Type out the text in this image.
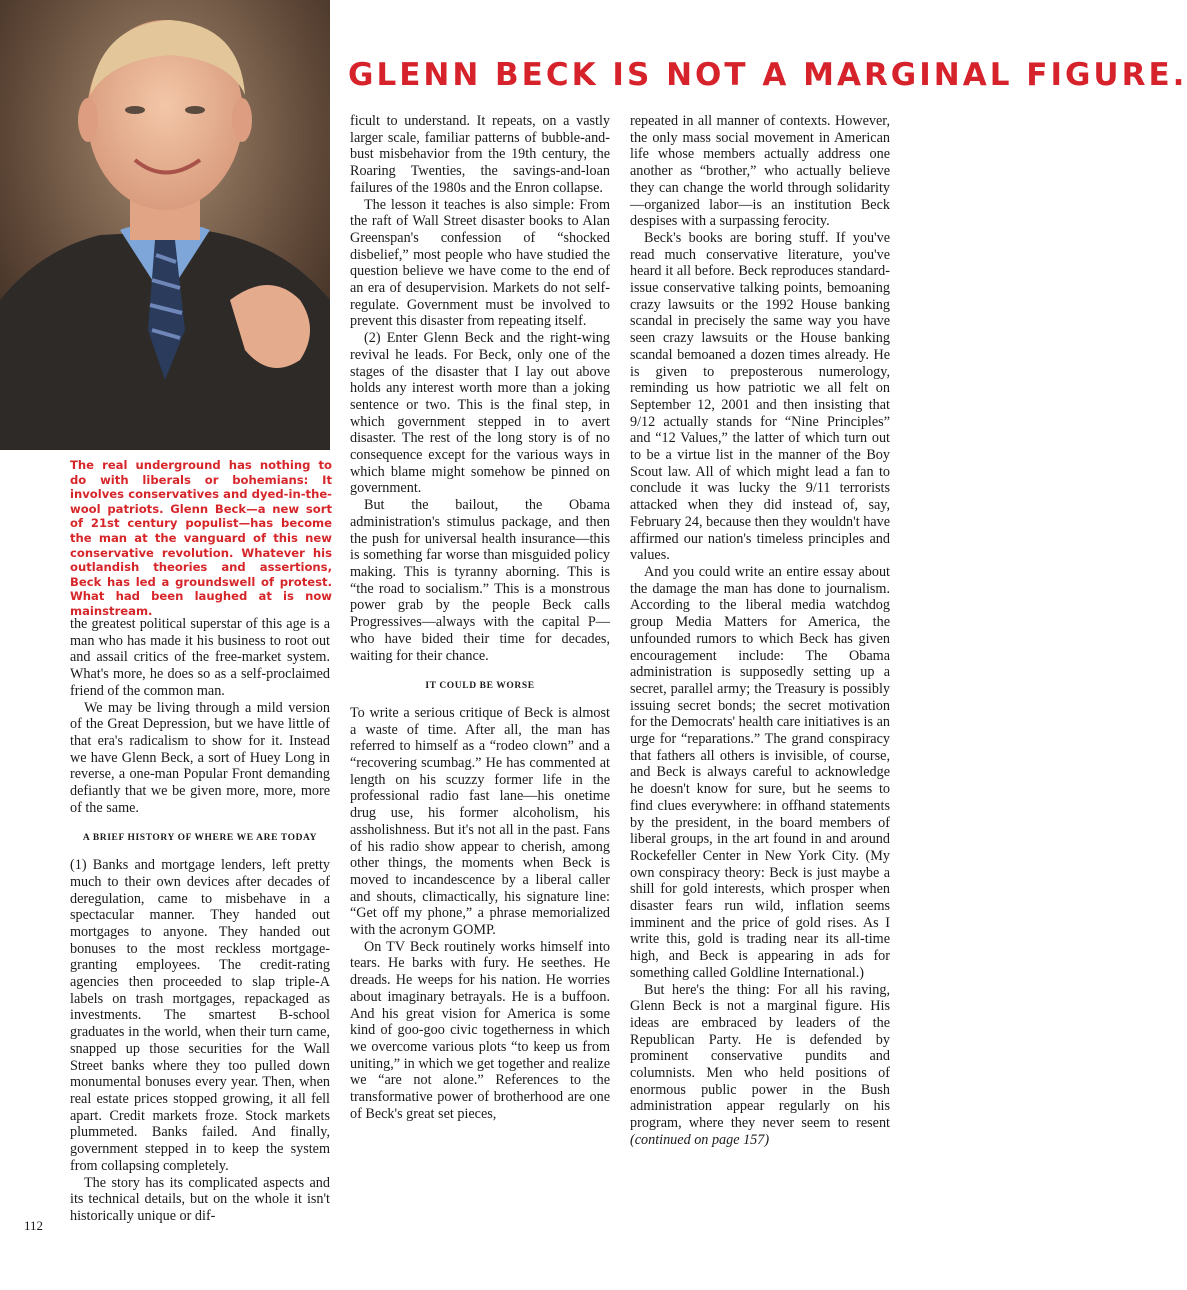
GLENN BECK IS NOT A MARGINAL FIGURE.
The real underground has nothing to do with liberals or bohemians: It involves conservatives and dyed-in-the-wool patriots. Glenn Beck—a new sort of 21st century populist—has become the man at the vanguard of this new conservative revolution. Whatever his outlandish theories and assertions, Beck has led a groundswell of protest. What had been laughed at is now mainstream.

the greatest political superstar of this age is a man who has made it his business to root out and assail critics of the free-market system. What's more, he does so as a self-proclaimed friend of the common man.

We may be living through a mild version of the Great Depression, but we have little of that era's radicalism to show for it. Instead we have Glenn Beck, a sort of Huey Long in reverse, a one-man Popular Front demanding defiantly that we be given more, more, more of the same.

A BRIEF HISTORY OF WHERE WE ARE TODAY

(1) Banks and mortgage lenders, left pretty much to their own devices after decades of deregulation, came to misbehave in a spectacular manner. They handed out mortgages to anyone. They handed out bonuses to the most reckless mortgage-granting employees. The credit-rating agencies then proceeded to slap triple-A labels on trash mortgages, repackaged as investments. The smartest B-school graduates in the world, when their turn came, snapped up those securities for the Wall Street banks where they too pulled down monumental bonuses every year. Then, when real estate prices stopped growing, it all fell apart. Credit markets froze. Stock markets plummeted. Banks failed. And finally, government stepped in to keep the system from collapsing completely.

The story has its complicated aspects and its technical details, but on the whole it isn't historically unique or dif-

ficult to understand. It repeats, on a vastly larger scale, familiar patterns of bubble-and-bust misbehavior from the 19th century, the Roaring Twenties, the savings-and-loan failures of the 1980s and the Enron collapse.

The lesson it teaches is also simple: From the raft of Wall Street disaster books to Alan Greenspan's confession of “shocked disbelief,” most people who have studied the question believe we have come to the end of an era of desupervision. Markets do not self-regulate. Government must be involved to prevent this disaster from repeating itself.

(2) Enter Glenn Beck and the right-wing revival he leads. For Beck, only one of the stages of the disaster that I lay out above holds any interest worth more than a joking sentence or two. This is the final step, in which government stepped in to avert disaster. The rest of the long story is of no consequence except for the various ways in which blame might somehow be pinned on government.

But the bailout, the Obama administration's stimulus package, and then the push for universal health insurance—this is something far worse than misguided policy making. This is tyranny aborning. This is “the road to socialism.” This is a monstrous power grab by the people Beck calls Progressives—always with the capital P—who have bided their time for decades, waiting for their chance.

IT COULD BE WORSE

To write a serious critique of Beck is almost a waste of time. After all, the man has referred to himself as a “rodeo clown” and a “recovering scumbag.” He has commented at length on his scuzzy former life in the professional radio fast lane—his onetime drug use, his former alcoholism, his assholishness. But it's not all in the past. Fans of his radio show appear to cherish, among other things, the moments when Beck is moved to incandescence by a liberal caller and shouts, climactically, his signature line: “Get off my phone,” a phrase memorialized with the acronym GOMP.

On TV Beck routinely works himself into tears. He barks with fury. He seethes. He dreads. He weeps for his nation. He worries about imaginary betrayals. He is a buffoon. And his great vision for America is some kind of goo-goo civic togetherness in which we overcome various plots “to keep us from uniting,” in which we get together and realize we “are not alone.” References to the transformative power of brotherhood are one of Beck's great set pieces,

repeated in all manner of contexts. However, the only mass social movement in American life whose members actually address one another as “brother,” who actually believe they can change the world through solidarity—organized labor—is an institution Beck despises with a surpassing ferocity.

Beck's books are boring stuff. If you've read much conservative literature, you've heard it all before. Beck reproduces standard-issue conservative talking points, bemoaning crazy lawsuits or the 1992 House banking scandal in precisely the same way you have seen crazy lawsuits or the House banking scandal bemoaned a dozen times already. He is given to preposterous numerology, reminding us how patriotic we all felt on September 12, 2001 and then insisting that 9/12 actually stands for “Nine Principles” and “12 Values,” the latter of which turn out to be a virtue list in the manner of the Boy Scout law. All of which might lead a fan to conclude it was lucky the 9/11 terrorists attacked when they did instead of, say, February 24, because then they wouldn't have affirmed our nation's timeless principles and values.

And you could write an entire essay about the damage the man has done to journalism. According to the liberal media watchdog group Media Matters for America, the unfounded rumors to which Beck has given encouragement include: The Obama administration is supposedly setting up a secret, parallel army; the Treasury is possibly issuing secret bonds; the secret motivation for the Democrats' health care initiatives is an urge for “reparations.” The grand conspiracy that fathers all others is invisible, of course, and Beck is always careful to acknowledge he doesn't know for sure, but he seems to find clues everywhere: in offhand statements by the president, in the board members of liberal groups, in the art found in and around Rockefeller Center in New York City. (My own conspiracy theory: Beck is just maybe a shill for gold interests, which prosper when disaster fears run wild, inflation seems imminent and the price of gold rises. As I write this, gold is trading near its all-time high, and Beck is appearing in ads for something called Goldline International.)

But here's the thing: For all his raving, Glenn Beck is not a marginal figure. His ideas are embraced by leaders of the Republican Party. He is defended by prominent conservative pundits and columnists. Men who held positions of enormous public power in the Bush administration appear regularly on his program, where they never seem to resent (continued on page 157)

112
